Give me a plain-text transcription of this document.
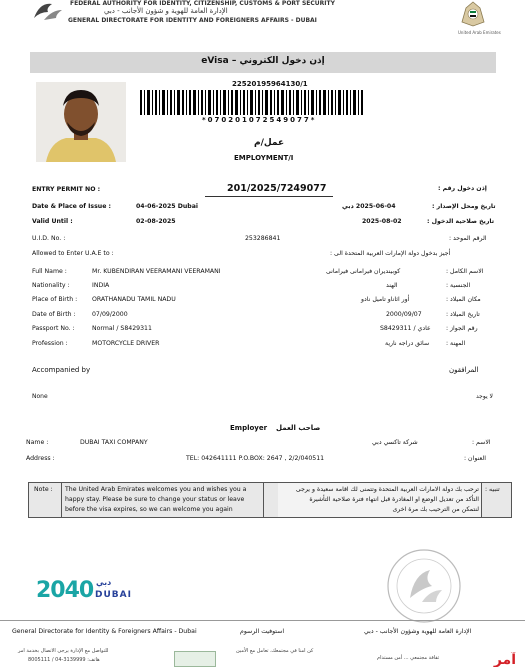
FEDERAL AUTHORITY FOR IDENTITY, CITIZENSHIP, CUSTOMS & PORT SECURITY
الإدارة العامة للهوية و شؤون الأجانب - دبي
GENERAL DIRECTORATE FOR IDENTITY AND FOREIGNERS AFFAIRS - DUBAI
United Arab Emirates
إذن دخول الكتروني – eVisa
22520195964130/1
*070201072549077*
عمل/م
EMPLOYMENT/I
ENTRY PERMIT NO :	201/2025/7249077	إذن دخول رقم :
Date & Place of Issue :	04-06-2025 Dubai	2025-06-04 دبي	تاريخ ومحل الإصدار :
Valid Until :	02-08-2025	2025-08-02	تاريخ صلاحية الدخول :
U.I.D. No. :	253286841	الرقم الموحد :
Allowed to Enter U.A.E to :	أجيز بدخول دولة الإمارات العربية المتحدة الى :
Full Name :	Mr. KUBENDIRAN VEERAMANI VEERAMANI	كوبينديران فيرامانى فيرامانى	الاسم الكامل :
Nationality :	INDIA	الهند	الجنسية :
Place of Birth : ORATHANADU TAMIL NADU	أور اثاناو تاميل نادو	مكان الميلاد :
Date of Birth :	07/09/2000	2000/09/07	تاريخ الميلاد :
Passport No. :	Normal / S8429311	S8429311 / عادي رقم الجواز :
Profession :	MOTORCYCLE DRIVER	سائق دراجه نارية	المهنة :
Accompanied by	المرافقون
None	لا يوجد
Employer صاحب العمل
Name :	DUBAI TAXI COMPANY	شركة تاكسي دبي	الاسم :
Address :	TEL: 042641111 P.O.BOX: 2647 , 2/2/040511	العنوان :
Note : The United Arab Emirates welcomes you and wishes you a
happy stay. Please be sure to change your status or leave
before the visa expires, so we can welcome you again
ترحب بك دولة الامارات العربية المتحدة وتتمنى لك اقامة سعيدة و يرجى
التأكد من تعديل الوضع او المغادرة قبل انتهاء فترة صلاحية التأشيرة
لنتمكن من الترحيب بك مرة اخرى
تنبيه :
2040 دبي
DUBAI
General Directorate for Identity & Foreigners Affairs - Dubai	استوفيت الرسوم	الإدارة العامة للهوية وشؤون الأجانب - دبي
للتواصل مع الإدارة يرجى الاتصال بخدمة امر
هاتف: 3139999-04 / 8005111
كن امنا في مجتمعك، تعامل مع الأمين
ثقافة مجتمعي ... أمن مستدام	آمر
